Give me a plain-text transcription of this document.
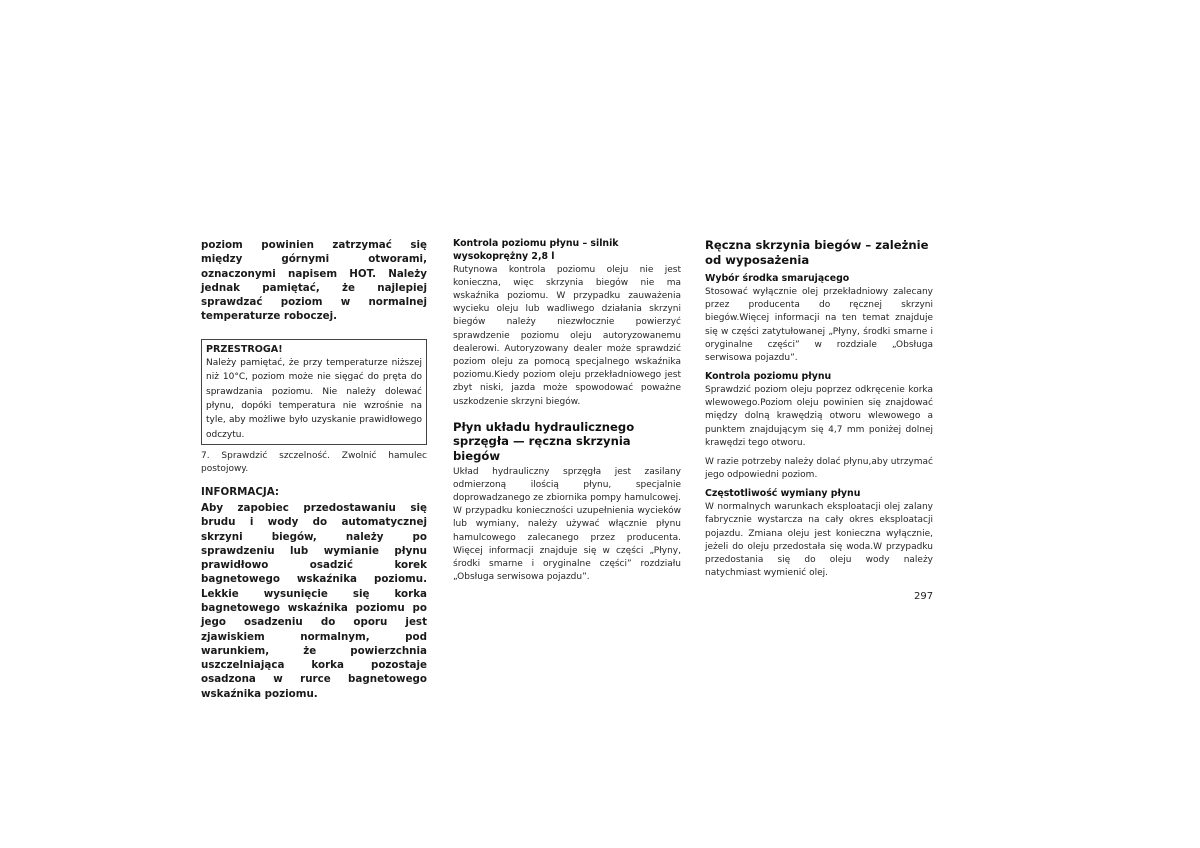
poziom powinien zatrzymać się między górnymi otworami, oznaczonymi napisem HOT. Należy jednak pamiętać, że najlepiej sprawdzać poziom w normalnej temperaturze roboczej.

PRZESTROGA!

Należy pamiętać, że przy temperaturze niższej niż 10°C, poziom może nie sięgać do pręta do sprawdzania poziomu. Nie należy dolewać płynu, dopóki temperatura nie wzrośnie na tyle, aby możliwe było uzyskanie prawidłowego odczytu.

7. Sprawdzić szczelność. Zwolnić hamulec postojowy.

INFORMACJA:

Aby zapobiec przedostawaniu się brudu i wody do automatycznej skrzyni biegów, należy po sprawdzeniu lub wymianie płynu prawidłowo osadzić korek bagnetowego wskaźnika poziomu. Lekkie wysunięcie się korka bagnetowego wskaźnika poziomu po jego osadzeniu do oporu jest zjawiskiem normalnym, pod warunkiem, że powierzchnia uszczelniająca korka pozostaje osadzona w rurce bagnetowego wskaźnika poziomu.

Kontrola poziomu płynu – silnik wysokoprężny 2,8 l

Rutynowa kontrola poziomu oleju nie jest konieczna, więc skrzynia biegów nie ma wskaźnika poziomu. W przypadku zauważenia wycieku oleju lub wadliwego działania skrzyni biegów należy niezwłocznie powierzyć sprawdzenie poziomu oleju autoryzowanemu dealerowi. Autoryzowany dealer może sprawdzić poziom oleju za pomocą specjalnego wskaźnika poziomu.Kiedy poziom oleju przekładniowego jest zbyt niski, jazda może spowodować poważne uszkodzenie skrzyni biegów.

Płyn układu hydraulicznego sprzęgła — ręczna skrzynia biegów

Układ hydrauliczny sprzęgła jest zasilany odmierzoną ilością płynu, specjalnie doprowadzanego ze zbiornika pompy hamulcowej. W przypadku konieczności uzupełnienia wycieków lub wymiany, należy używać włącznie płynu hamulcowego zalecanego przez producenta. Więcej informacji znajduje się w części „Płyny, środki smarne i oryginalne części” rozdziału „Obsługa serwisowa pojazdu”.

Ręczna skrzynia biegów – zależnie od wyposażenia

Wybór środka smarującego

Stosować wyłącznie olej przekładniowy zalecany przez producenta do ręcznej skrzyni biegów.Więcej informacji na ten temat znajduje się w części zatytułowanej „Płyny, środki smarne i oryginalne części” w rozdziale „Obsługa serwisowa pojazdu”.

Kontrola poziomu płynu

Sprawdzić poziom oleju poprzez odkręcenie korka wlewowego.Poziom oleju powinien się znajdować między dolną krawędzią otworu wlewowego a punktem znajdującym się 4,7 mm poniżej dolnej krawędzi tego otworu.

W razie potrzeby należy dolać płynu,aby utrzymać jego odpowiedni poziom.

Częstotliwość wymiany płynu

W normalnych warunkach eksploatacji olej zalany fabrycznie wystarcza na cały okres eksploatacji pojazdu. Zmiana oleju jest konieczna wyłącznie, jeżeli do oleju przedostała się woda.W przypadku przedostania się do oleju wody należy natychmiast wymienić olej.

297
